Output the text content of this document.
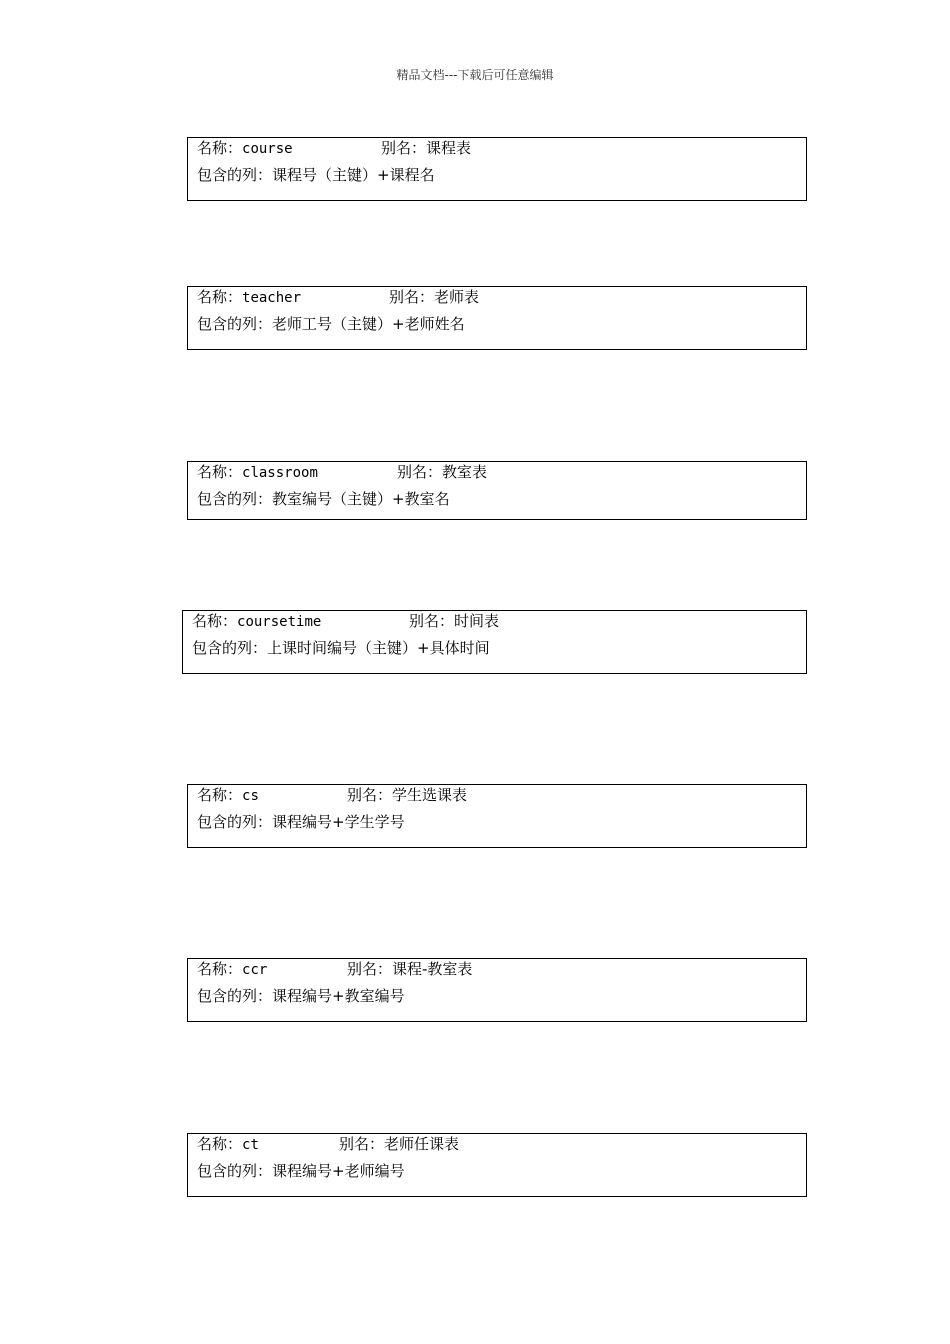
精品文档---下载后可任意编辑
名称：course	别名：课程表
包含的列：课程号（主键）+课程名
名称：teacher	别名：老师表
包含的列：老师工号（主键）+老师姓名
名称：classroom	别名：教室表
包含的列：教室编号（主键）+教室名
名称：coursetime	别名：时间表
包含的列：上课时间编号（主键）+具体时间
名称：cs	别名：学生选课表
包含的列：课程编号+学生学号
名称：ccr	别名：课程-教室表
包含的列：课程编号+教室编号
名称：ct	别名：老师任课表
包含的列：课程编号+老师编号
